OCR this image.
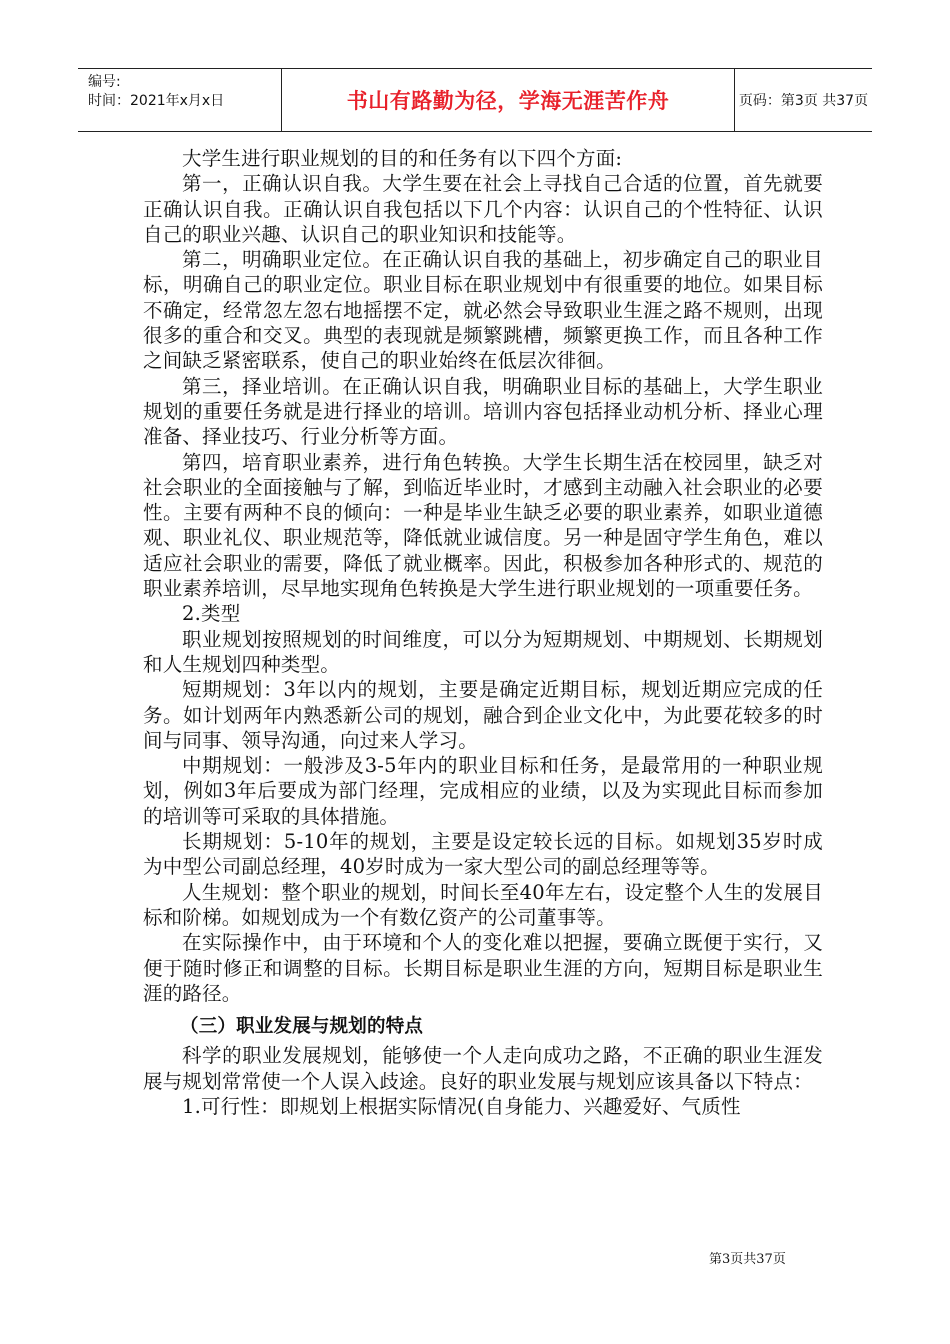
编号:
时间：2021年x月x日	书山有路勤为径，学海无涯苦作舟	页码：第3页 共37页

大学生进行职业规划的目的和任务有以下四个方面:

第一，正确认识自我。大学生要在社会上寻找自己合适的位置，首先就要正确认识自我。正确认识自我包括以下几个内容：认识自己的个性特征、认识自己的职业兴趣、认识自己的职业知识和技能等。

第二，明确职业定位。在正确认识自我的基础上，初步确定自己的职业目标，明确自己的职业定位。职业目标在职业规划中有很重要的地位。如果目标不确定，经常忽左忽右地摇摆不定，就必然会导致职业生涯之路不规则，出现很多的重合和交叉。典型的表现就是频繁跳槽，频繁更换工作，而且各种工作之间缺乏紧密联系，使自己的职业始终在低层次徘徊。

第三，择业培训。在正确认识自我，明确职业目标的基础上，大学生职业规划的重要任务就是进行择业的培训。培训内容包括择业动机分析、择业心理准备、择业技巧、行业分析等方面。

第四，培育职业素养，进行角色转换。大学生长期生活在校园里，缺乏对社会职业的全面接触与了解，到临近毕业时，才感到主动融入社会职业的必要性。主要有两种不良的倾向：一种是毕业生缺乏必要的职业素养，如职业道德观、职业礼仪、职业规范等，降低就业诚信度。另一种是固守学生角色，难以适应社会职业的需要，降低了就业概率。因此，积极参加各种形式的、规范的职业素养培训，尽早地实现角色转换是大学生进行职业规划的一项重要任务。

2.类型

职业规划按照规划的时间维度，可以分为短期规划、中期规划、长期规划和人生规划四种类型。

短期规划：3年以内的规划，主要是确定近期目标，规划近期应完成的任务。如计划两年内熟悉新公司的规划，融合到企业文化中，为此要花较多的时间与同事、领导沟通，向过来人学习。

中期规划：一般涉及3-5年内的职业目标和任务，是最常用的一种职业规划，例如3年后要成为部门经理，完成相应的业绩，以及为实现此目标而参加的培训等可采取的具体措施。

长期规划：5-10年的规划，主要是设定较长远的目标。如规划35岁时成为中型公司副总经理，40岁时成为一家大型公司的副总经理等等。

人生规划：整个职业的规划，时间长至40年左右，设定整个人生的发展目标和阶梯。如规划成为一个有数亿资产的公司董事等。

在实际操作中，由于环境和个人的变化难以把握，要确立既便于实行，又便于随时修正和调整的目标。长期目标是职业生涯的方向，短期目标是职业生涯的路径。

（三）职业发展与规划的特点

科学的职业发展规划，能够使一个人走向成功之路，不正确的职业生涯发展与规划常常使一个人误入歧途。良好的职业发展与规划应该具备以下特点：

1.可行性：即规划上根据实际情况(自身能力、兴趣爱好、气质性

第3页共37页
